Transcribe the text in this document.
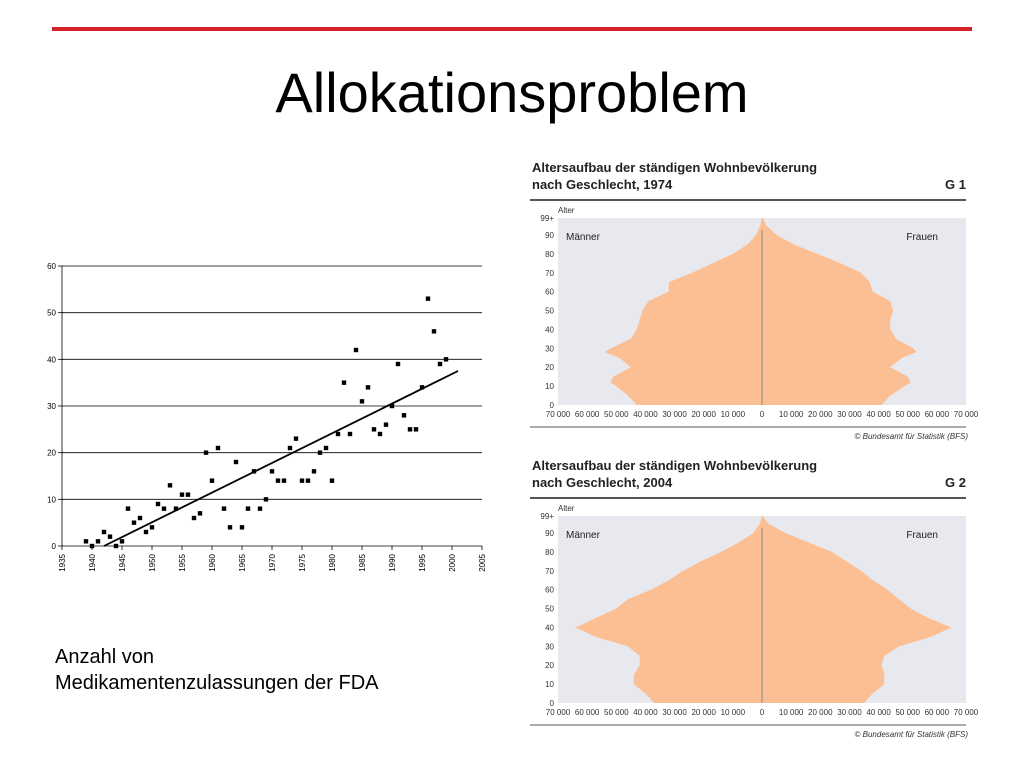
Allokationsproblem
0
10
20
30
40
50
60
1935	1940	1945	1950	1955	1960	1965	1970	1975	1980	1985	1990	1995	2000	2005
Anzahl von
Medikamentenzulassungen der FDA
Altersaufbau der ständigen Wohnbevölkerung
nach Geschlecht, 1974	G 1
Alter
Männer	Frauen
0
10
20
30
40
50
60
70
80
90
99+
70 000 60 000 50 000 40 000 30 000 20 000 10 000 0 10 000 20 000 30 000 40 000 50 000 60 000 70 000
© Bundesamt für Statistik (BFS)
Altersaufbau der ständigen Wohnbevölkerung
nach Geschlecht, 2004	G 2
Alter
Männer	Frauen
0
10
20
30
40
50
60
70
80
90
99+
70 000 60 000 50 000 40 000 30 000 20 000 10 000 0 10 000 20 000 30 000 40 000 50 000 60 000 70 000
© Bundesamt für Statistik (BFS)
